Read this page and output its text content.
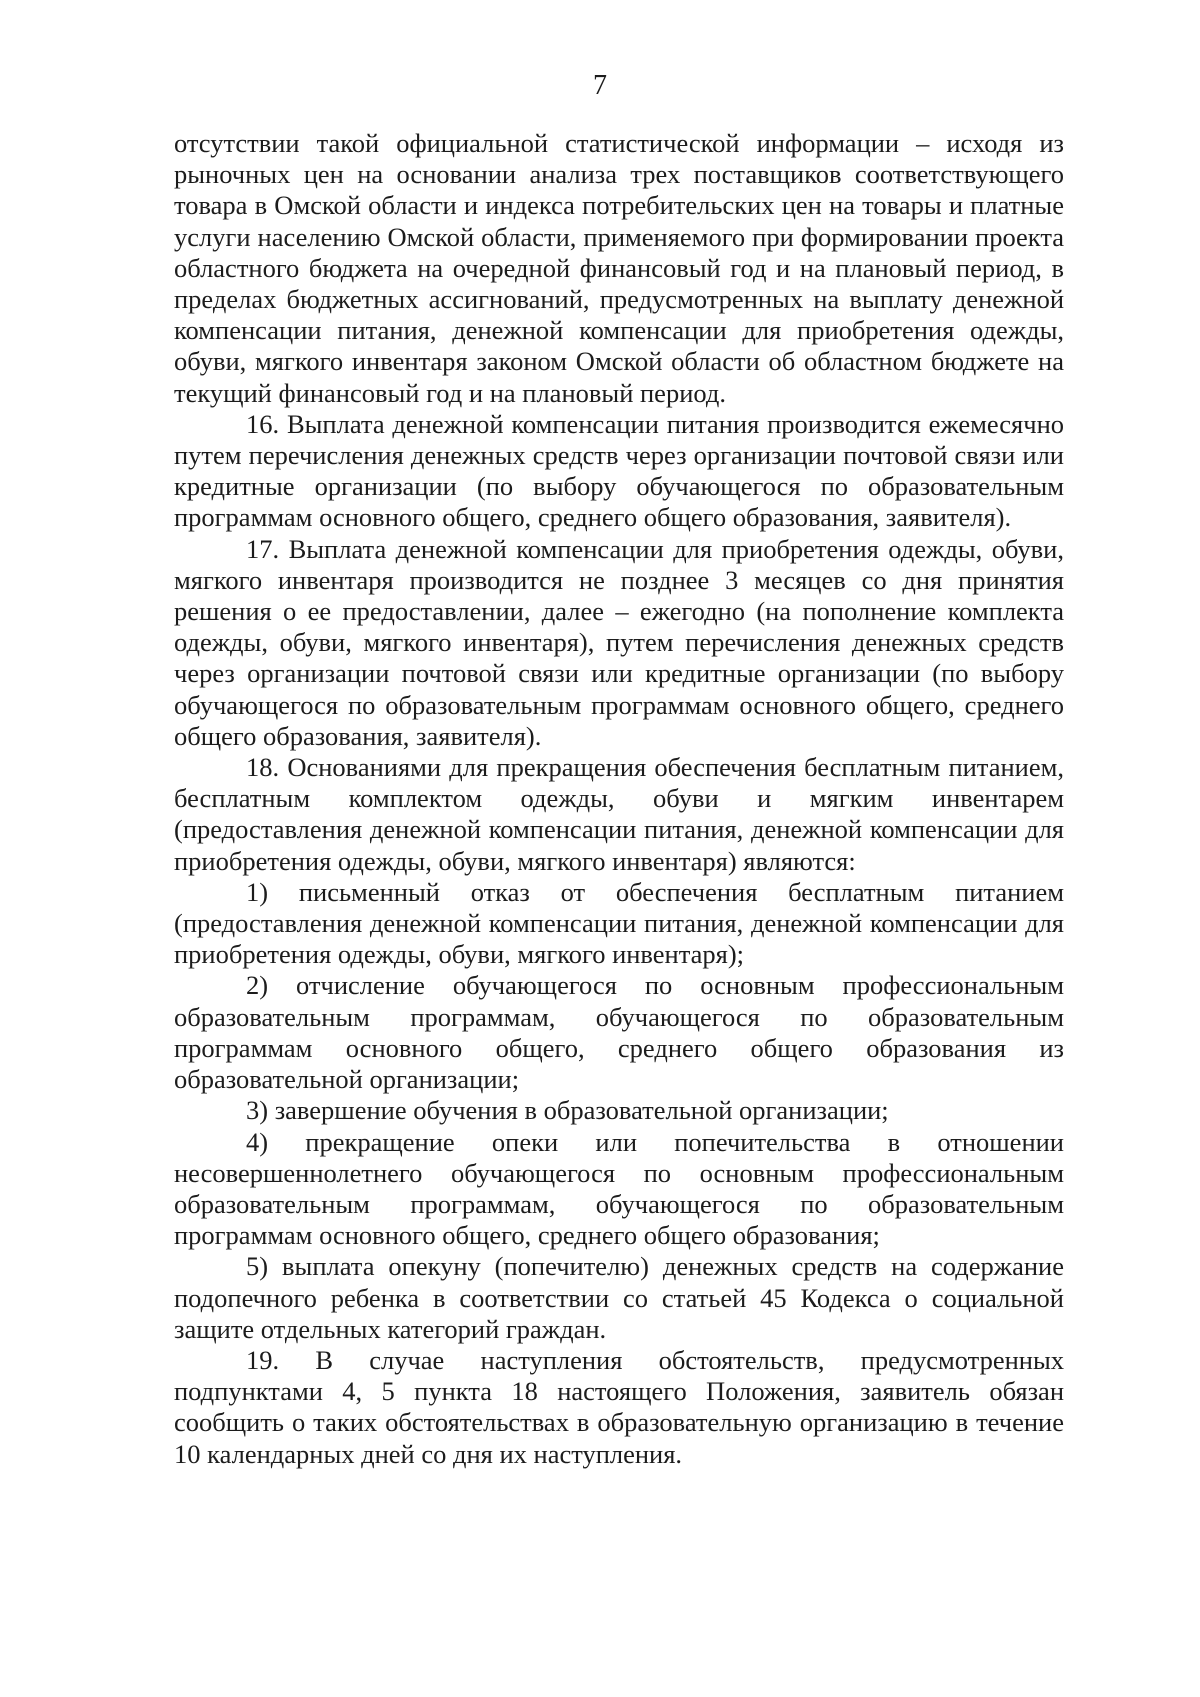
7

отсутствии такой официальной статистической информации – исходя из рыночных цен на основании анализа трех поставщиков соответствующего товара в Омской области и индекса потребительских цен на товары и платные услуги населению Омской области, применяемого при формировании проекта областного бюджета на очередной финансовый год и на плановый период, в пределах бюджетных ассигнований, предусмотренных на выплату денежной компенсации питания, денежной компенсации для приобретения одежды, обуви, мягкого инвентаря законом Омской области об областном бюджете на текущий финансовый год и на плановый период.

16. Выплата денежной компенсации питания производится ежемесячно путем перечисления денежных средств через организации почтовой связи или кредитные организации (по выбору обучающегося по образовательным программам основного общего, среднего общего образования, заявителя).

17. Выплата денежной компенсации для приобретения одежды, обуви, мягкого инвентаря производится не позднее 3 месяцев со дня принятия решения о ее предоставлении, далее – ежегодно (на пополнение комплекта одежды, обуви, мягкого инвентаря), путем перечисления денежных средств через организации почтовой связи или кредитные организации (по выбору обучающегося по образовательным программам основного общего, среднего общего образования, заявителя).

18. Основаниями для прекращения обеспечения бесплатным питанием, бесплатным комплектом одежды, обуви и мягким инвентарем (предоставления денежной компенсации питания, денежной компенсации для приобретения одежды, обуви, мягкого инвентаря) являются:

1) письменный отказ от обеспечения бесплатным питанием (предоставления денежной компенсации питания, денежной компенсации для приобретения одежды, обуви, мягкого инвентаря);

2) отчисление обучающегося по основным профессиональным образовательным программам, обучающегося по образовательным программам основного общего, среднего общего образования из образовательной организации;

3) завершение обучения в образовательной организации;

4) прекращение опеки или попечительства в отношении несовершеннолетнего обучающегося по основным профессиональным образовательным программам, обучающегося по образовательным программам основного общего, среднего общего образования;

5) выплата опекуну (попечителю) денежных средств на содержание подопечного ребенка в соответствии со статьей 45 Кодекса о социальной защите отдельных категорий граждан.

19. В случае наступления обстоятельств, предусмотренных подпунктами 4, 5 пункта 18 настоящего Положения, заявитель обязан сообщить о таких обстоятельствах в образовательную организацию в течение 10 календарных дней со дня их наступления.
